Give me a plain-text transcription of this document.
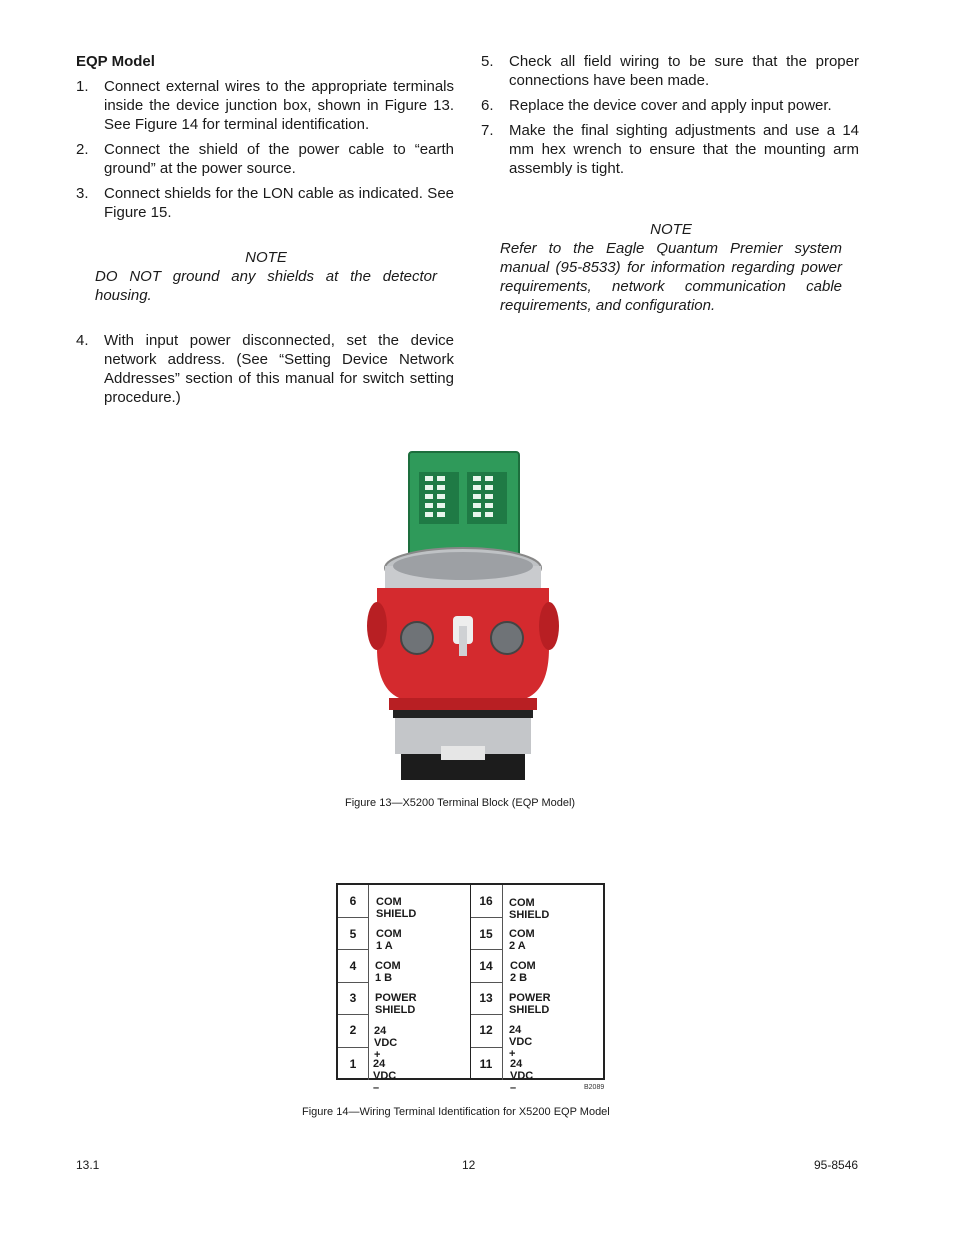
EQP Model
1. Connect external wires to the appropriate terminals inside the device junction box, shown in Figure 13. See Figure 14 for terminal identification.
2. Connect the shield of the power cable to “earth ground” at the power source.
3. Connect shields for the LON cable as indicated. See Figure 15.
NOTE
DO NOT ground any shields at the detector housing.
4. With input power disconnected, set the device network address. (See “Setting Device Network Addresses” section of this manual for switch setting procedure.)
5. Check all field wiring to be sure that the proper connections have been made.
6. Replace the device cover and apply input power.
7. Make the final sighting adjustments and use a 14 mm hex wrench to ensure that the mounting arm assembly is tight.
NOTE
Refer to the Eagle Quantum Premier system manual (95-8533) for information regarding power requirements, network communication cable requirements, and configuration.
Figure 13—X5200 Terminal Block (EQP Model)
6	COM SHIELD
5	COM 1 A
4	COM 1 B
3	POWER SHIELD
2	24 VDC +
1	24 VDC –
16	COM SHIELD
15	COM 2 A
14	COM 2 B
13	POWER SHIELD
12	24 VDC +
11	24 VDC –	B2089
Figure 14—Wiring Terminal Identification for X5200 EQP Model
13.1	12	95-8546
